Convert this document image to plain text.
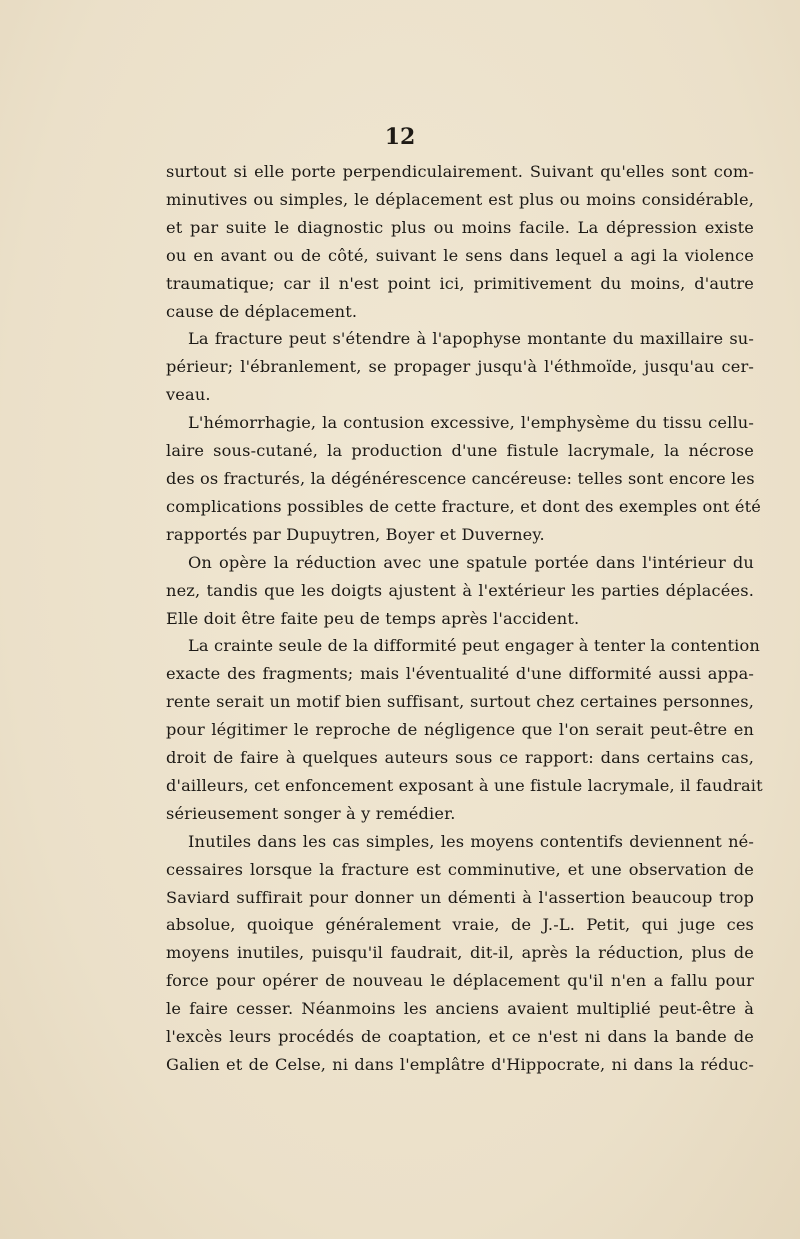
12
surtout si elle porte perpendiculairement. Suivant qu'elles sont com-
minutives ou simples, le déplacement est plus ou moins considérable,
et par suite le diagnostic plus ou moins facile. La dépression existe
ou en avant ou de côté, suivant le sens dans lequel a agi la violence
traumatique; car il n'est point ici, primitivement du moins, d'autre
cause de déplacement.
La fracture peut s'étendre à l'apophyse montante du maxillaire su-
périeur; l'ébranlement, se propager jusqu'à l'éthmoïde, jusqu'au cer-
veau.
L'hémorrhagie, la contusion excessive, l'emphysème du tissu cellu-
laire sous-cutané, la production d'une fistule lacrymale, la nécrose
des os fracturés, la dégénérescence cancéreuse: telles sont encore les
complications possibles de cette fracture, et dont des exemples ont été
rapportés par Dupuytren, Boyer et Duverney.
On opère la réduction avec une spatule portée dans l'intérieur du
nez, tandis que les doigts ajustent à l'extérieur les parties déplacées.
Elle doit être faite peu de temps après l'accident.
La crainte seule de la difformité peut engager à tenter la contention
exacte des fragments; mais l'éventualité d'une difformité aussi appa-
rente serait un motif bien suffisant, surtout chez certaines personnes,
pour légitimer le reproche de négligence que l'on serait peut-être en
droit de faire à quelques auteurs sous ce rapport: dans certains cas,
d'ailleurs, cet enfoncement exposant à une fistule lacrymale, il faudrait
sérieusement songer à y remédier.
Inutiles dans les cas simples, les moyens contentifs deviennent né-
cessaires lorsque la fracture est comminutive, et une observation de
Saviard suffirait pour donner un démenti à l'assertion beaucoup trop
absolue, quoique généralement vraie, de J.-L. Petit, qui juge ces
moyens inutiles, puisqu'il faudrait, dit-il, après la réduction, plus de
force pour opérer de nouveau le déplacement qu'il n'en a fallu pour
le faire cesser. Néanmoins les anciens avaient multiplié peut-être à
l'excès leurs procédés de coaptation, et ce n'est ni dans la bande de
Galien et de Celse, ni dans l'emplâtre d'Hippocrate, ni dans la réduc-
